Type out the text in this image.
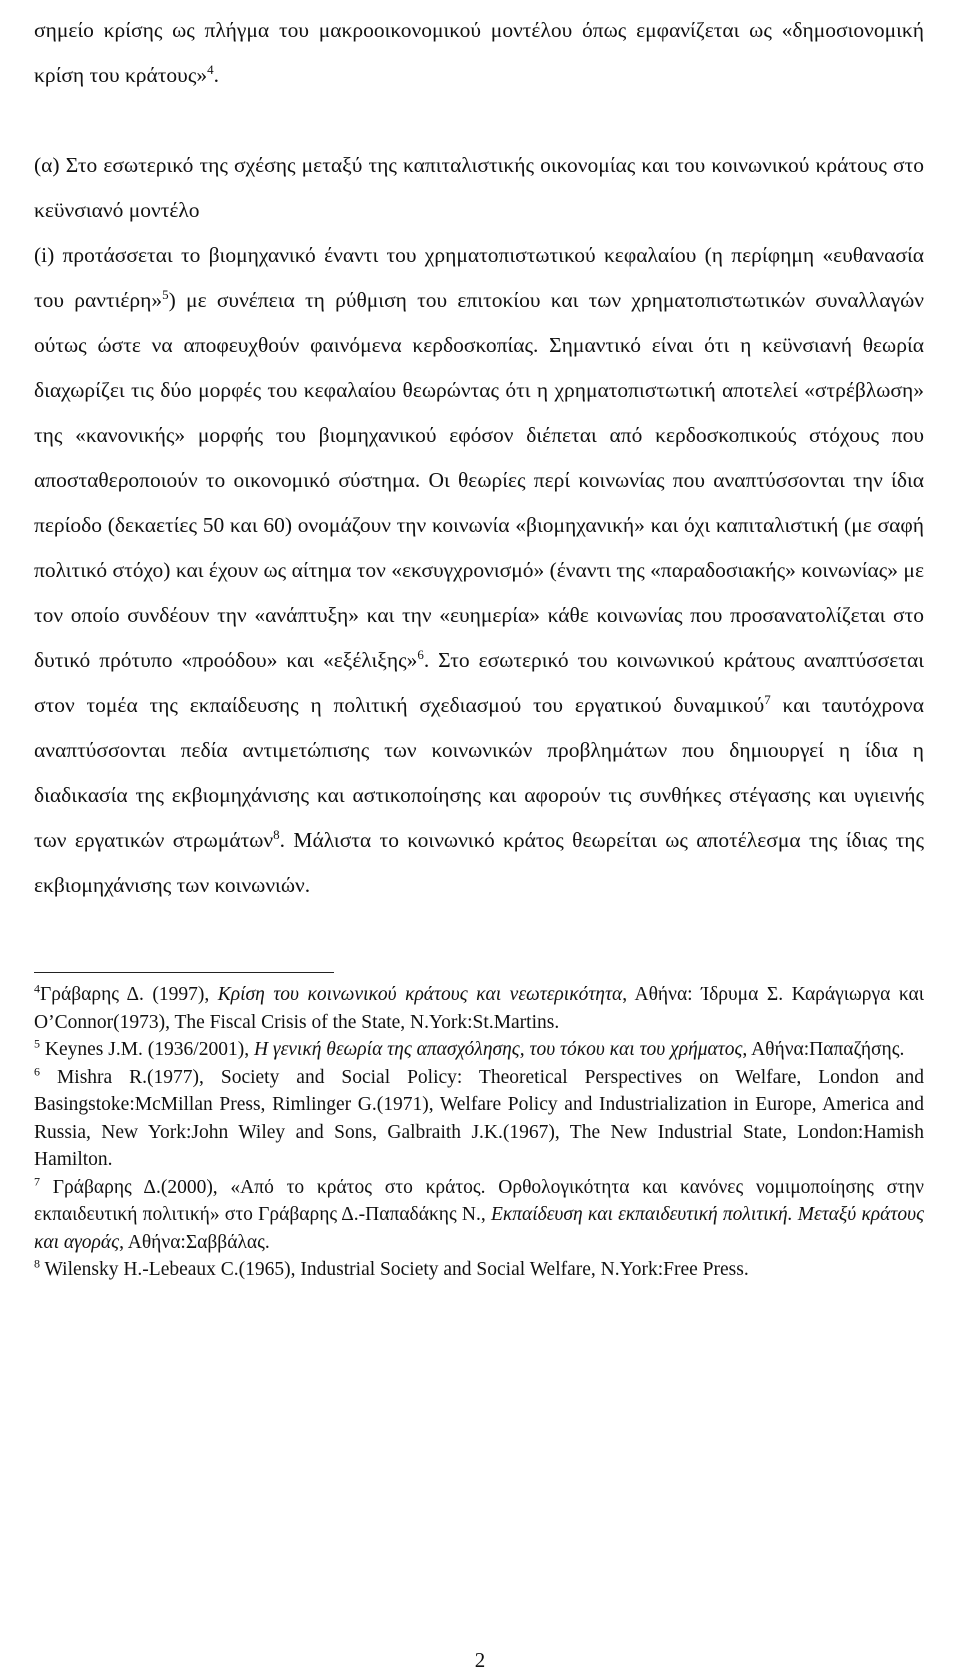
σημείο κρίσης ως πλήγμα του μακροοικονομικού μοντέλου όπως εμφανίζεται ως «δημοσιονομική κρίση του κράτους»$^4$.

(α) Στο εσωτερικό της σχέσης μεταξύ της καπιταλιστικής οικονομίας και του κοινωνικού κράτους στο κεϋνσιανό μοντέλο

(i) προτάσσεται το βιομηχανικό έναντι του χρηματοπιστωτικού κεφαλαίου (η περίφημη «ευθανασία του ραντιέρη»$^5$) με συνέπεια τη ρύθμιση του επιτοκίου και των χρηματοπιστωτικών συναλλαγών ούτως ώστε να αποφευχθούν φαινόμενα κερδοσκοπίας. Σημαντικό είναι ότι η κεϋνσιανή θεωρία διαχωρίζει τις δύο μορφές του κεφαλαίου θεωρώντας ότι η χρηματοπιστωτική αποτελεί «στρέβλωση» της «κανονικής» μορφής του βιομηχανικού εφόσον διέπεται από κερδοσκοπικούς στόχους που αποσταθεροποιούν το οικονομικό σύστημα. Οι θεωρίες περί κοινωνίας που αναπτύσσονται την ίδια περίοδο (δεκαετίες 50 και 60) ονομάζουν την κοινωνία «βιομηχανική» και όχι καπιταλιστική (με σαφή πολιτικό στόχο) και έχουν ως αίτημα τον «εκσυγχρονισμό» (έναντι της «παραδοσιακής» κοινωνίας» με τον οποίο συνδέουν την «ανάπτυξη» και την «ευημερία» κάθε κοινωνίας που προσανατολίζεται στο δυτικό πρότυπο «προόδου» και «εξέλιξης»$^6$. Στο εσωτερικό του κοινωνικού κράτους αναπτύσσεται στον τομέα της εκπαίδευσης η πολιτική σχεδιασμού του εργατικού δυναμικού$^7$ και ταυτόχρονα αναπτύσσονται πεδία αντιμετώπισης των κοινωνικών προβλημάτων που δημιουργεί η ίδια η διαδικασία της εκβιομηχάνισης και αστικοποίησης και αφορούν τις συνθήκες στέγασης και υγιεινής των εργατικών στρωμάτων$^8$. Μάλιστα το κοινωνικό κράτος θεωρείται ως αποτέλεσμα της ίδιας της εκβιομηχάνισης των κοινωνιών.

$^4$Γράβαρης Δ. (1997), Κρίση του κοινωνικού κράτους και νεωτερικότητα, Αθήνα: Ίδρυμα Σ. Καράγιωργα και O’Connor(1973), The Fiscal Crisis of the State, N.York:St.Martins.

$^5$ Keynes J.M. (1936/2001), Η γενική θεωρία της απασχόλησης, του τόκου και του χρήματος, Αθήνα:Παπαζήσης.

$^6$ Mishra R.(1977), Society and Social Policy: Theoretical Perspectives on Welfare, London and Basingstoke:McMillan Press, Rimlinger G.(1971), Welfare Policy and Industrialization in Europe, America and Russia, New York:John Wiley and Sons, Galbraith J.K.(1967), The New Industrial State, London:Hamish Hamilton.

$^7$ Γράβαρης Δ.(2000), «Από το κράτος στο κράτος. Ορθολογικότητα και κανόνες νομιμοποίησης στην εκπαιδευτική πολιτική» στο Γράβαρης Δ.-Παπαδάκης Ν., Εκπαίδευση και εκπαιδευτική πολιτική. Μεταξύ κράτους και αγοράς, Αθήνα:Σαββάλας.

$^8$ Wilensky H.-Lebeaux C.(1965), Industrial Society and Social Welfare, N.York:Free Press.

2
